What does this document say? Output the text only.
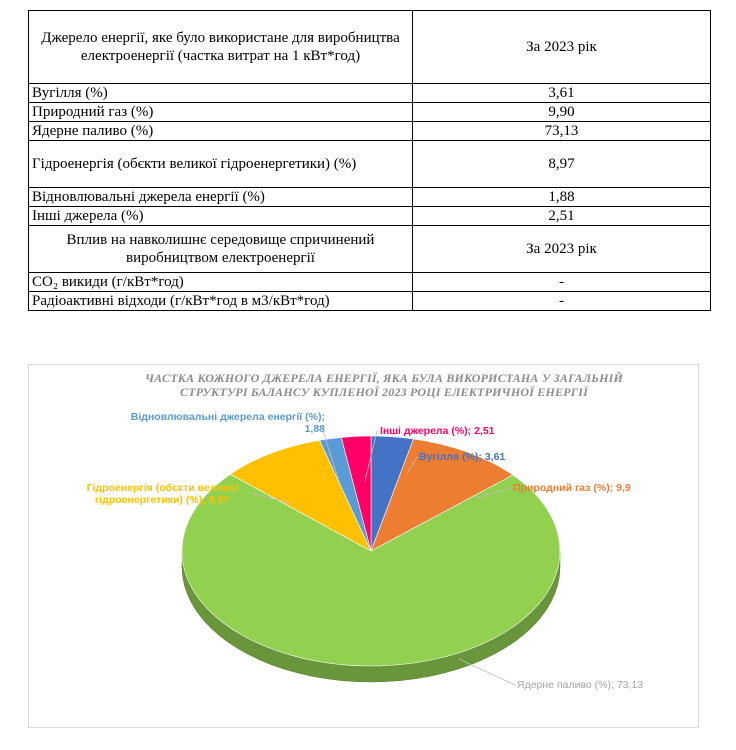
Джерело енергії, яке було використане для виробництва електроенергії (частка витрат на 1 кВт*год)	За 2023 рік
Вугілля (%)	3,61
Природний газ (%)	9,90
Ядерне паливо (%)	73,13
Гідроенергія (обєкти великої гідроенергетики) (%)	8,97
Відновлювальні джерела енергії (%)	1,88
Інші джерела (%)	2,51
Вплив на навколишнє середовище спричинений виробництвом електроенергії	За 2023 рік
CO₂ викиди (г/кВт*год)	-
Радіоактивні відходи (г/кВт*год в м3/кВт*год)	-
ЧАСТКА КОЖНОГО ДЖЕРЕЛА ЕНЕРГІЇ, ЯКА БУЛА ВИКОРИСТАНА У ЗАГАЛЬНІЙ СТРУКТУРІ БАЛАНСУ КУПЛЕНОЇ 2023 РОЦІ ЕЛЕКТРИЧНОЇ ЕНЕРГІЇ
Вугілля (%); 3,61
Природний газ (%); 9,9
Ядерне паливо (%); 73,13
Гідроенергія (обєкти великої гідроенергетики) (%); 8,97
Відновлювальні джерела енергії (%); 1,88	Інші джерела (%); 2,51
